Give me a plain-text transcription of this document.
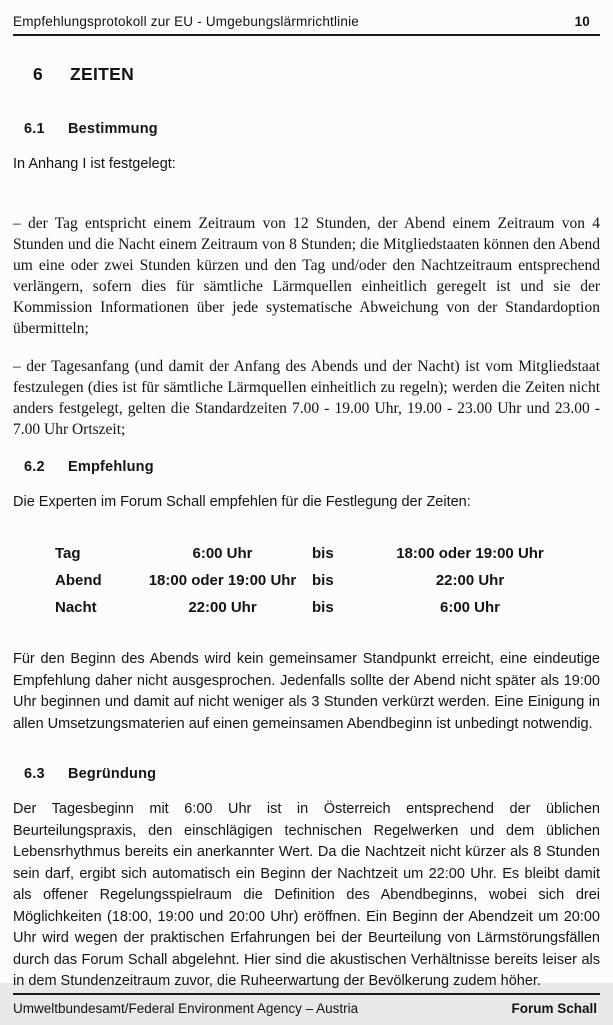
Empfehlungsprotokoll zur EU - Umgebungslärmrichtlinie	10
6	ZEITEN
6.1	Bestimmung

In Anhang I ist festgelegt:

– der Tag entspricht einem Zeitraum von 12 Stunden, der Abend einem Zeitraum von 4 Stunden und die Nacht einem Zeitraum von 8 Stunden; die Mitgliedstaaten können den Abend um eine oder zwei Stunden kürzen und den Tag und/oder den Nachtzeitraum entsprechend verlängern, sofern dies für sämtliche Lärmquellen einheitlich geregelt ist und sie der Kommission Informationen über jede systematische Abweichung von der Standardoption übermitteln;

– der Tagesanfang (und damit der Anfang des Abends und der Nacht) ist vom Mitgliedstaat festzulegen (dies ist für sämtliche Lärmquellen einheitlich zu regeln); werden die Zeiten nicht anders festgelegt, gelten die Standardzeiten 7.00 - 19.00 Uhr, 19.00 - 23.00 Uhr und 23.00 - 7.00 Uhr Ortszeit;

6.2	Empfehlung

Die Experten im Forum Schall empfehlen für die Festlegung der Zeiten:

Tag	6:00 Uhr	bis	18:00 oder 19:00 Uhr
Abend	18:00 oder 19:00 Uhr	bis	22:00 Uhr
Nacht	22:00 Uhr	bis	6:00 Uhr

Für den Beginn des Abends wird kein gemeinsamer Standpunkt erreicht, eine eindeutige Empfehlung daher nicht ausgesprochen. Jedenfalls sollte der Abend nicht später als 19:00 Uhr beginnen und damit auf nicht weniger als 3 Stunden verkürzt werden. Eine Einigung in allen Umsetzungsmaterien auf einen gemeinsamen Abendbeginn ist unbedingt notwendig.

6.3	Begründung

Der Tagesbeginn mit 6:00 Uhr ist in Österreich entsprechend der üblichen Beurteilungspraxis, den einschlägigen technischen Regelwerken und dem üblichen Lebensrhythmus bereits ein anerkannter Wert. Da die Nachtzeit nicht kürzer als 8 Stunden sein darf, ergibt sich automatisch ein Beginn der Nachtzeit um 22:00 Uhr. Es bleibt damit als offener Regelungsspielraum die Definition des Abendbeginns, wobei sich drei Möglichkeiten (18:00, 19:00 und 20:00 Uhr) eröffnen. Ein Beginn der Abendzeit um 20:00 Uhr wird wegen der praktischen Erfahrungen bei der Beurteilung von Lärmstörungsfällen durch das Forum Schall abgelehnt. Hier sind die akustischen Verhältnisse bereits leiser als in dem Stundenzeitraum zuvor, die Ruheerwartung der Bevölkerung zudem höher.

Umweltbundesamt/Federal Environment Agency – Austria	Forum Schall
